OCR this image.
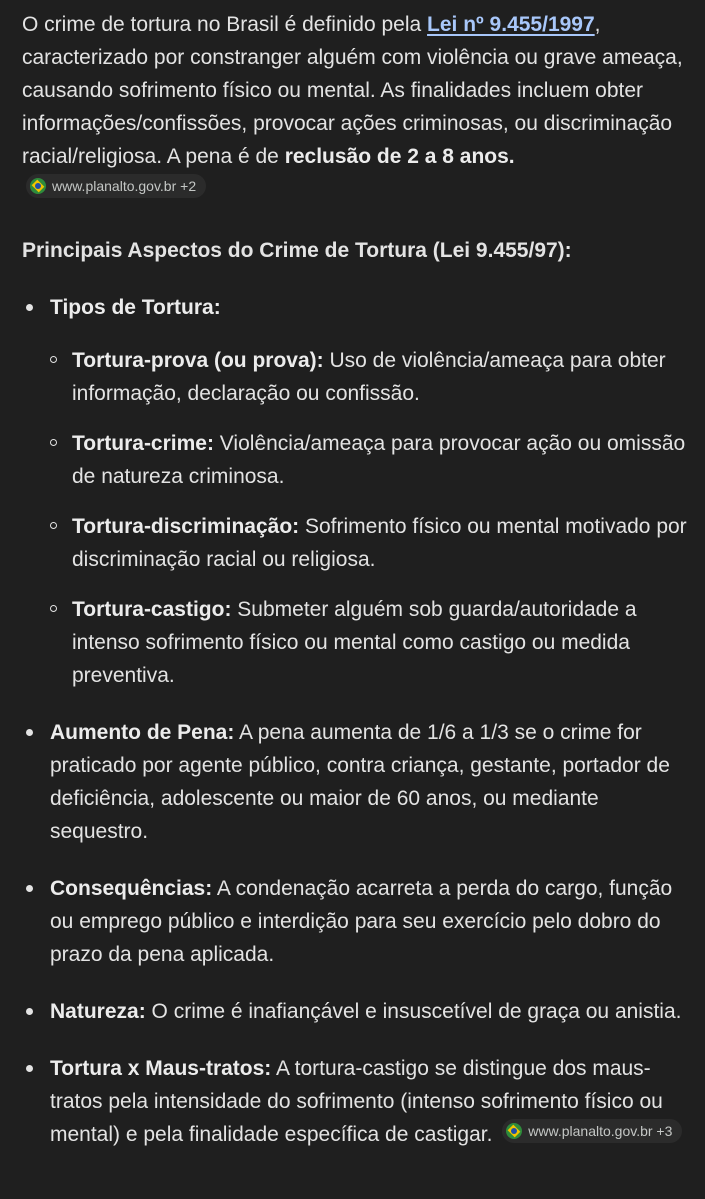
O crime de tortura no Brasil é definido pela Lei nº 9.455/1997, caracterizado por constranger alguém com violência ou grave ameaça, causando sofrimento físico ou mental. As finalidades incluem obter informações/confissões, provocar ações criminosas, ou discriminação racial/religiosa. A pena é de reclusão de 2 a 8 anos.
www.planalto.gov.br +2

Principais Aspectos do Crime de Tortura (Lei 9.455/97):

Tipos de Tortura:
Tortura-prova (ou prova): Uso de violência/ameaça para obter informação, declaração ou confissão.
Tortura-crime: Violência/ameaça para provocar ação ou omissão de natureza criminosa.
Tortura-discriminação: Sofrimento físico ou mental motivado por discriminação racial ou religiosa.
Tortura-castigo: Submeter alguém sob guarda/autoridade a intenso sofrimento físico ou mental como castigo ou medida preventiva.
Aumento de Pena: A pena aumenta de 1/6 a 1/3 se o crime for praticado por agente público, contra criança, gestante, portador de deficiência, adolescente ou maior de 60 anos, ou mediante sequestro.
Consequências: A condenação acarreta a perda do cargo, função ou emprego público e interdição para seu exercício pelo dobro do prazo da pena aplicada.
Natureza: O crime é inafiançável e insuscetível de graça ou anistia.
Tortura x Maus-tratos: A tortura-castigo se distingue dos maus-tratos pela intensidade do sofrimento (intenso sofrimento físico ou mental) e pela finalidade específica de castigar.	www.planalto.gov.br +3
